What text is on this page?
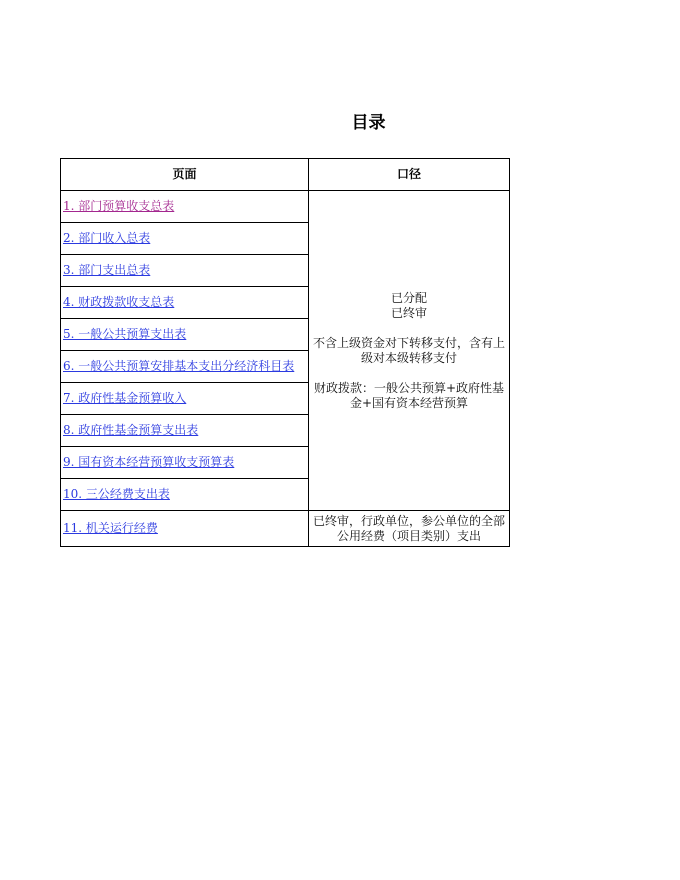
目录
页面	口径
1. 部门预算收支总表	已分配

已终审

不含上级资金对下转移支付，含有上级对本级转移支付

财政拨款：一般公共预算+政府性基金+国有资本经营预算

2. 部门收入总表	
3. 部门支出总表	
4. 财政拨款收支总表	
5. 一般公共预算支出表	
6. 一般公共预算安排基本支出分经济科目表	
7. 政府性基金预算收入	
8. 政府性基金预算支出表	
9. 国有资本经营预算收支预算表	
10. 三公经费支出表	
11. 机关运行经费	已终审，行政单位，参公单位的全部公用经费（项目类别）支出
